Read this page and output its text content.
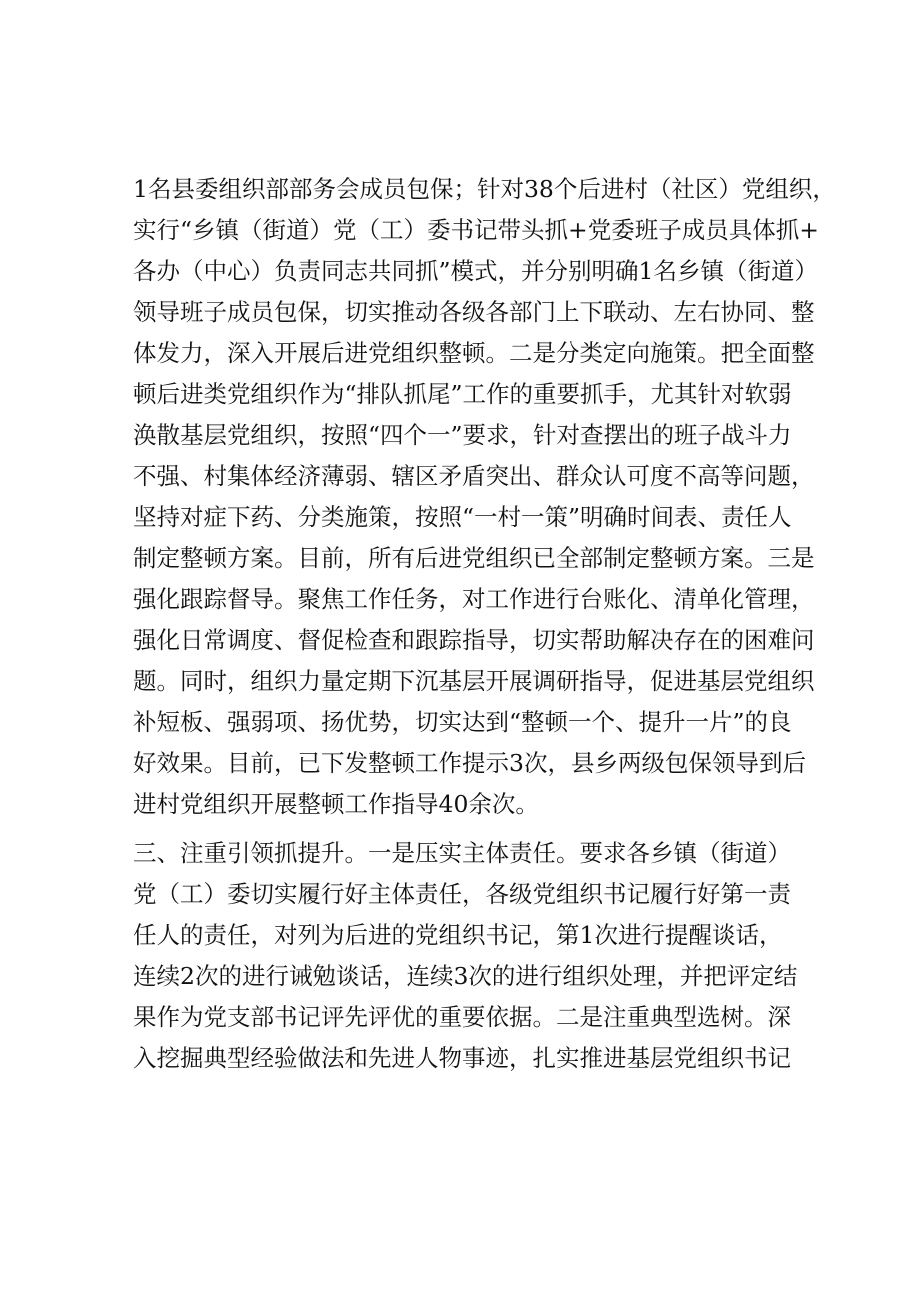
1名县委组织部部务会成员包保；针对38个后进村（社区）党组织，
实行“乡镇（街道）党（工）委书记带头抓+党委班子成员具体抓+
各办（中心）负责同志共同抓”模式，并分别明确1名乡镇（街道）
领导班子成员包保，切实推动各级各部门上下联动、左右协同、整
体发力，深入开展后进党组织整顿。二是分类定向施策。把全面整
顿后进类党组织作为“排队抓尾”工作的重要抓手，尤其针对软弱
涣散基层党组织，按照“四个一”要求，针对查摆出的班子战斗力
不强、村集体经济薄弱、辖区矛盾突出、群众认可度不高等问题，
坚持对症下药、分类施策，按照“一村一策”明确时间表、责任人
制定整顿方案。目前，所有后进党组织已全部制定整顿方案。三是
强化跟踪督导。聚焦工作任务，对工作进行台账化、清单化管理，
强化日常调度、督促检查和跟踪指导，切实帮助解决存在的困难问
题。同时，组织力量定期下沉基层开展调研指导，促进基层党组织
补短板、强弱项、扬优势，切实达到“整顿一个、提升一片”的良
好效果。目前，已下发整顿工作提示3次，县乡两级包保领导到后
进村党组织开展整顿工作指导40余次。
三、注重引领抓提升。一是压实主体责任。要求各乡镇（街道）
党（工）委切实履行好主体责任，各级党组织书记履行好第一责
任人的责任，对列为后进的党组织书记，第1次进行提醒谈话，
连续2次的进行诫勉谈话，连续3次的进行组织处理，并把评定结
果作为党支部书记评先评优的重要依据。二是注重典型选树。深
入挖掘典型经验做法和先进人物事迹，扎实推进基层党组织书记
